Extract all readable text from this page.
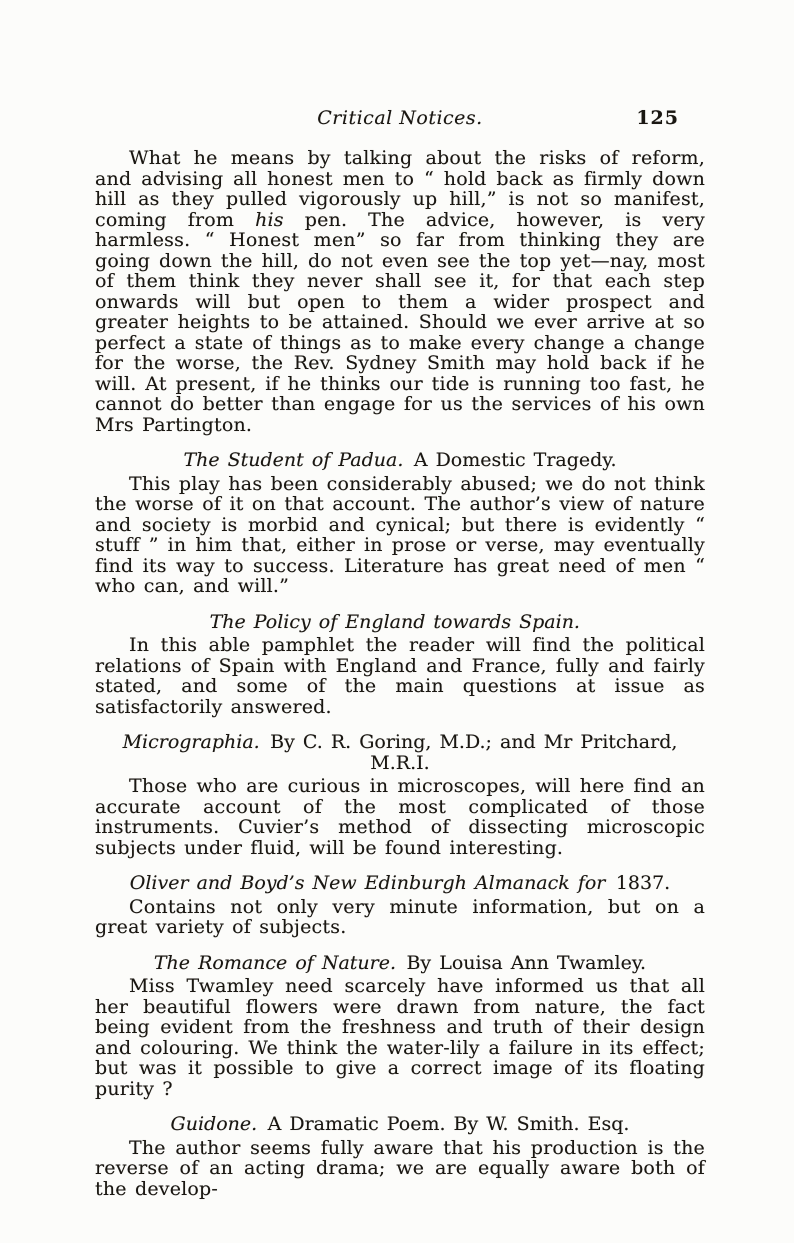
Critical Notices.	125

What he means by talking about the risks of reform, and advising all honest men to “ hold back as firmly down hill as they pulled vigorously up hill,” is not so manifest, coming from his pen. The advice, however, is very harmless. “ Honest men” so far from thinking they are going down the hill, do not even see the top yet—nay, most of them think they never shall see it, for that each step onwards will but open to them a wider prospect and greater heights to be attained. Should we ever arrive at so perfect a state of things as to make every change a change for the worse, the Rev. Sydney Smith may hold back if he will. At present, if he thinks our tide is running too fast, he cannot do better than engage for us the services of his own Mrs Partington.

The Student of Padua. A Domestic Tragedy.

This play has been considerably abused; we do not think the worse of it on that account. The author’s view of nature and society is morbid and cynical; but there is evidently “ stuff ” in him that, either in prose or verse, may eventually find its way to success. Literature has great need of men “ who can, and will.”

The Policy of England towards Spain.

In this able pamphlet the reader will find the political relations of Spain with England and France, fully and fairly stated, and some of the main questions at issue as satisfactorily answered.

Micrographia. By C. R. Goring, M.D.; and Mr Pritchard, M.R.I.

Those who are curious in microscopes, will here find an accurate account of the most complicated of those instruments. Cuvier’s method of dissecting microscopic subjects under fluid, will be found interesting.

Oliver and Boyd’s New Edinburgh Almanack for 1837.

Contains not only very minute information, but on a great variety of subjects.

The Romance of Nature. By Louisa Ann Twamley.

Miss Twamley need scarcely have informed us that all her beautiful flowers were drawn from nature, the fact being evident from the freshness and truth of their design and colouring. We think the water-lily a failure in its effect; but was it possible to give a correct image of its floating purity ?

Guidone. A Dramatic Poem. By W. Smith. Esq.

The author seems fully aware that his production is the reverse of an acting drama; we are equally aware both of the develop-
